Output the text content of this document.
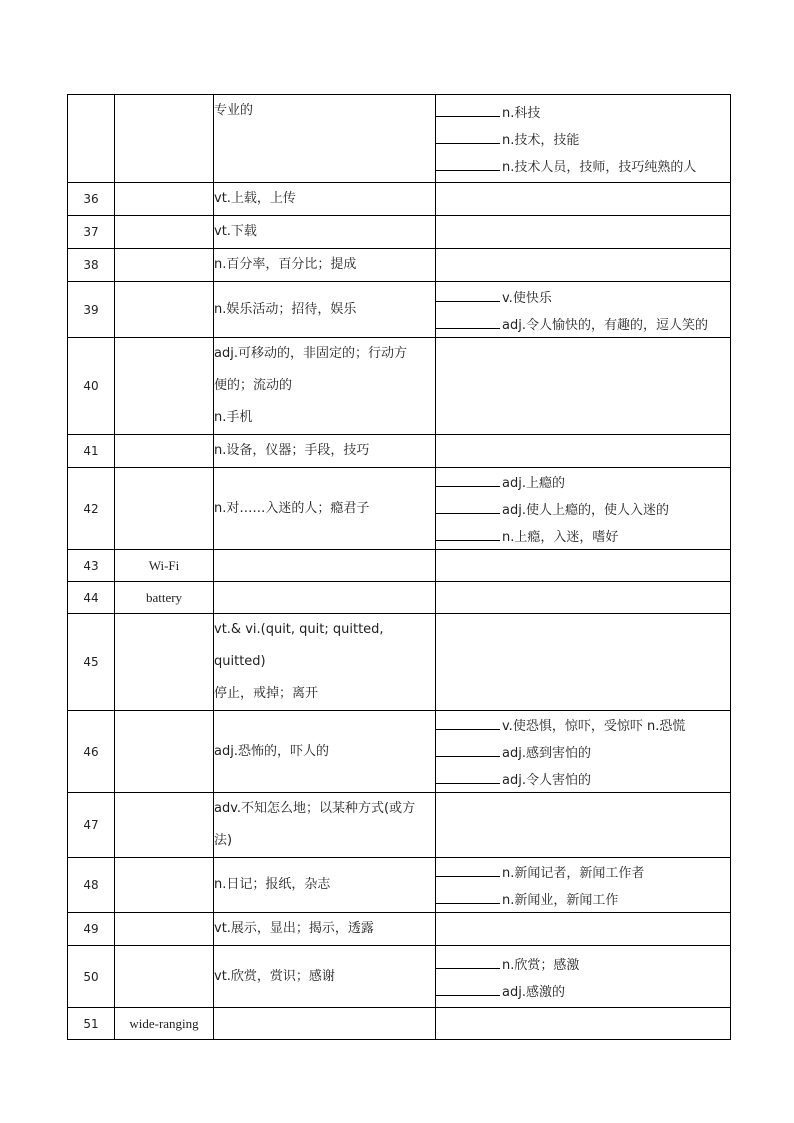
		专业的	n.科技
n.技术，技能
n.技术人员，技师，技巧纯熟的人

36		vt.上载，上传	

37		vt.下载	

38		n.百分率，百分比；提成	

39		n.娱乐活动；招待，娱乐	v.使快乐
adj.令人愉快的，有趣的，逗人笑的

40		adj.可移动的，非固定的；行动方
便的；流动的
n.手机	

41		n.设备，仪器；手段，技巧	

42		n.对……入迷的人；瘾君子	adj.上瘾的
adj.使人上瘾的，使人入迷的
n.上瘾，入迷，嗜好

43	Wi-Fi	

44	battery	

45		vt.& vi.(quit, quit; quitted, quitted)
停止，戒掉；离开	

46		adj.恐怖的，吓人的	v.使恐惧，惊吓，受惊吓 n.恐慌
adj.感到害怕的
adj.令人害怕的

47		adv.不知怎么地；以某种方式(或方
法)	

48		n.日记；报纸，杂志	n.新闻记者，新闻工作者
n.新闻业，新闻工作

49		vt.展示，显出；揭示，透露	

50		vt.欣赏，赏识；感谢	n.欣赏；感激
adj.感激的

51	wide-ranging	
